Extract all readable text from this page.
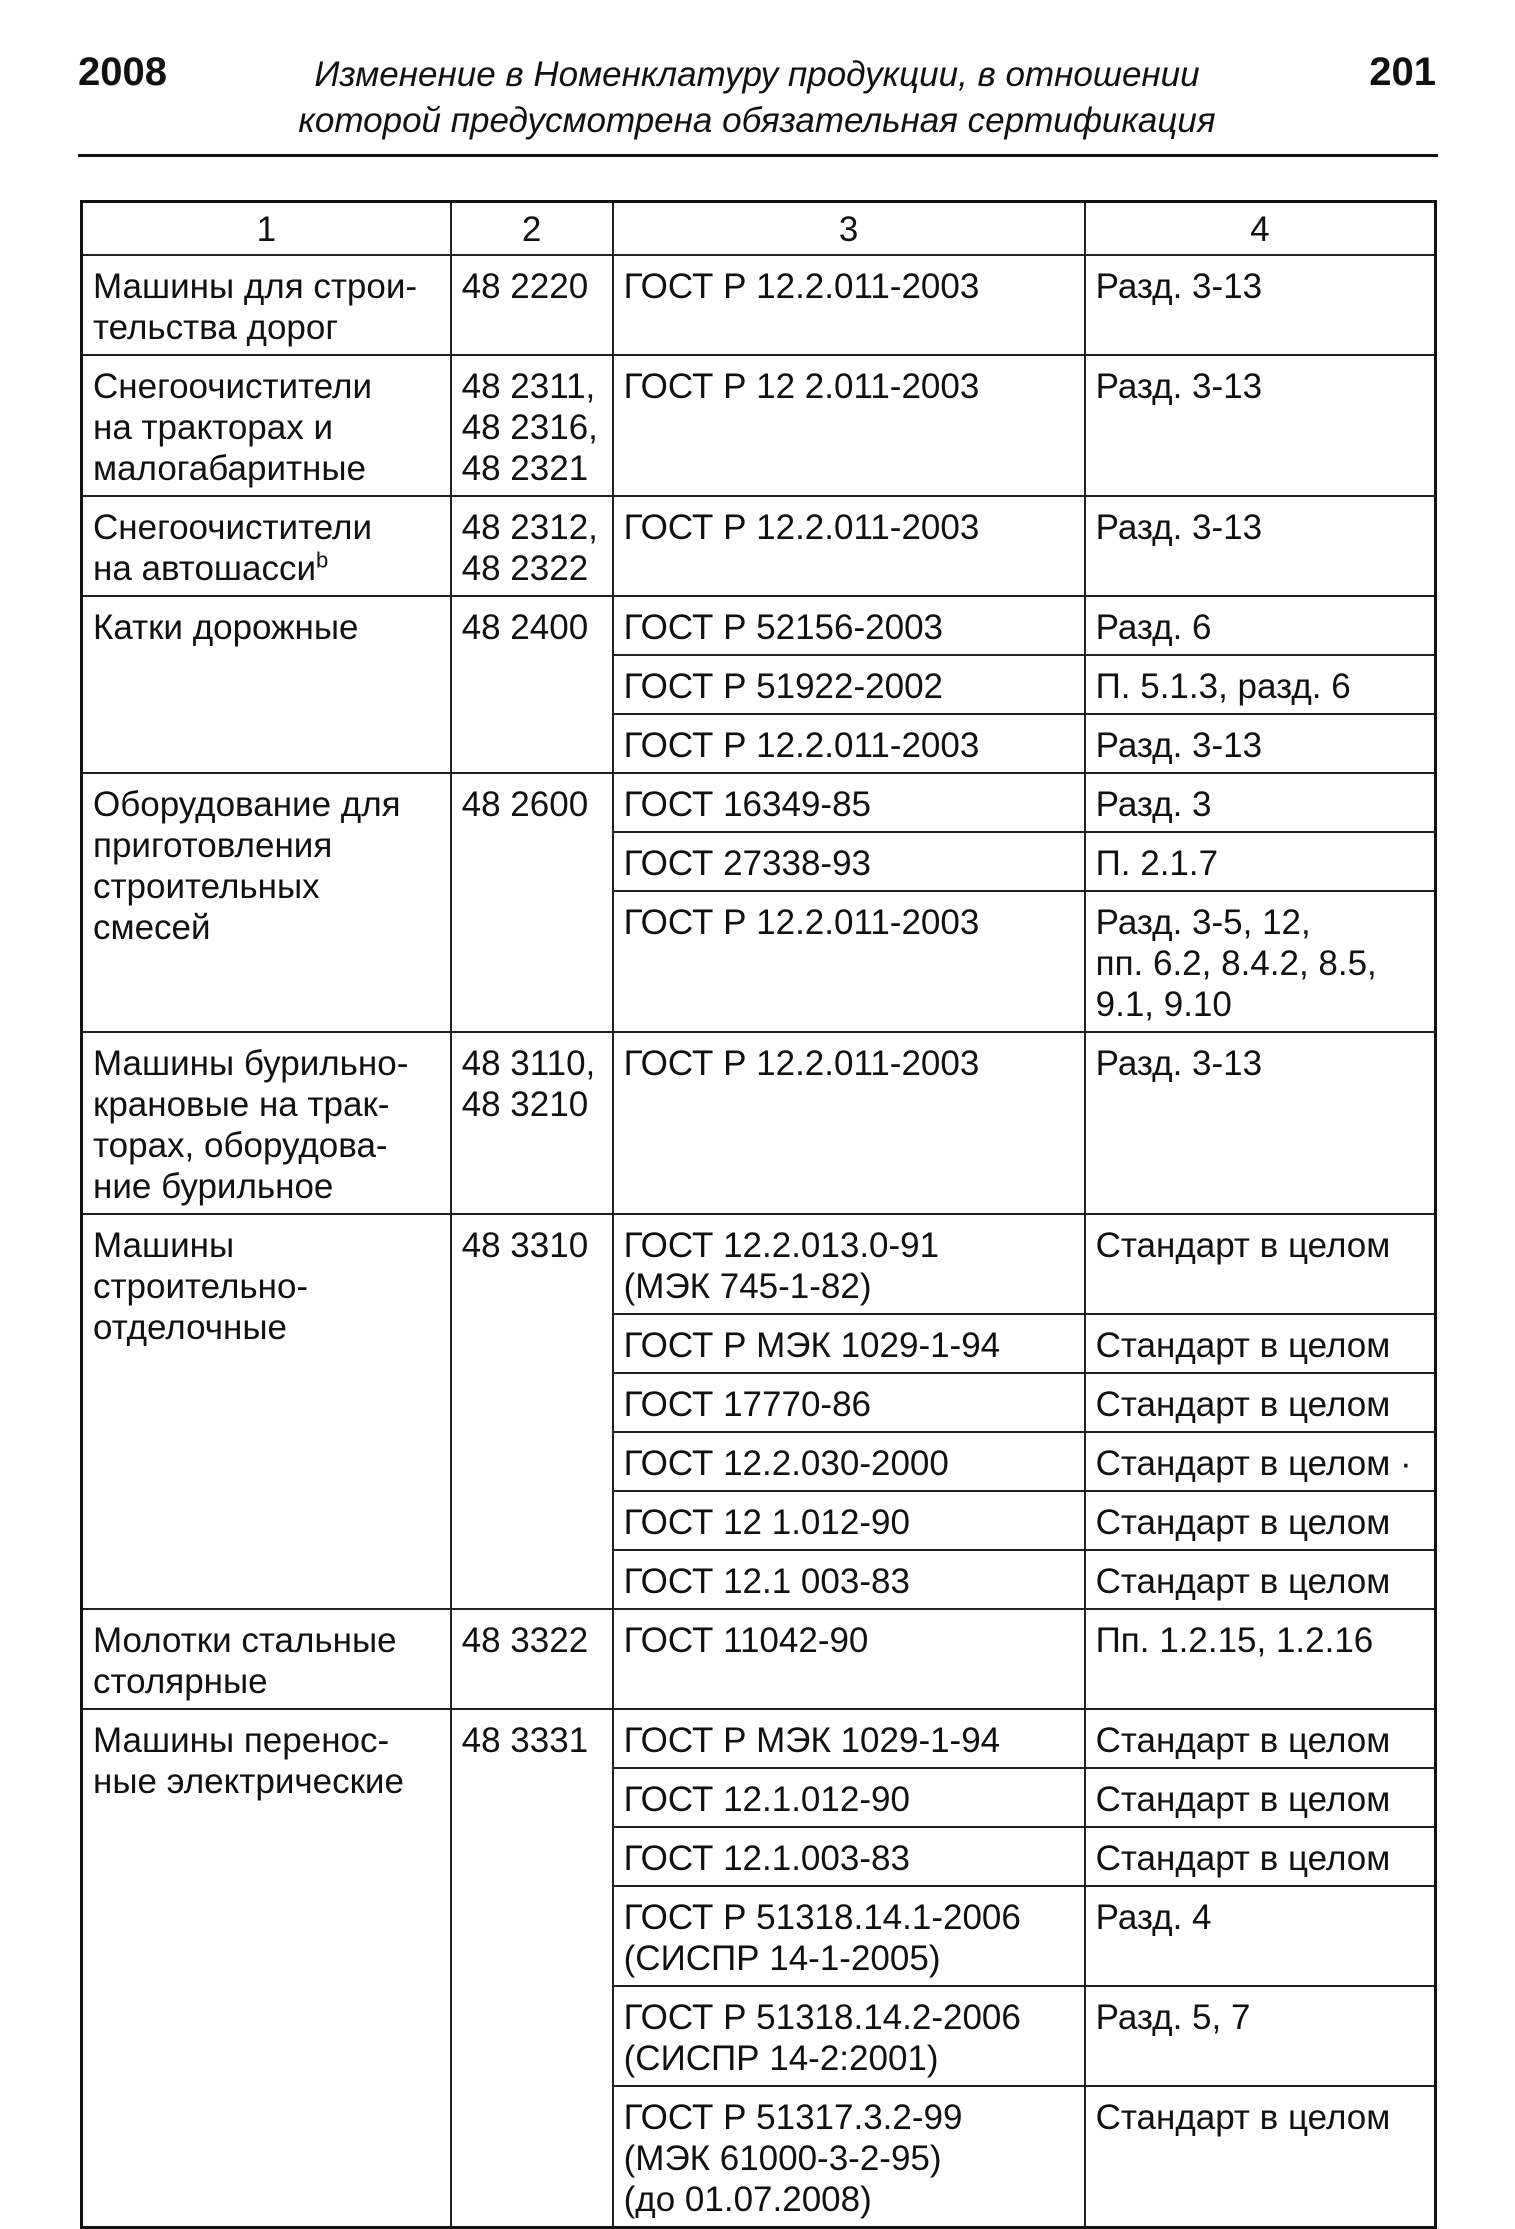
2008	Изменение в Номенклатуру продукции, в отношении
которой предусмотрена обязательная сертификация
201
1	2	3	4

Машины для строи-
тельства дорог	48 2220	ГОСТ Р 12.2.011-2003	Разд. 3-13

Снегоочистители
на тракторах и
малогабаритные	48 2311,
48 2316,
48 2321	ГОСТ Р 12 2.011-2003	Разд. 3-13

Снегоочистители
на автошасси$^b$	48 2312,
48 2322	ГОСТ Р 12.2.011-2003	Разд. 3-13

Катки дорожные	48 2400	ГОСТ Р 52156-2003	Разд. 6

		ГОСТ Р 51922-2002	П. 5.1.3, разд. 6

		ГОСТ Р 12.2.011-2003	Разд. 3-13

Оборудование для
приготовления
строительных
смесей	48 2600	ГОСТ 16349-85	Разд. 3

		ГОСТ 27338-93	П. 2.1.7

		ГОСТ Р 12.2.011-2003	Разд. 3-5, 12,
пп. 6.2, 8.4.2, 8.5,
9.1, 9.10

Машины бурильно-
крановые на трак-
торах, оборудова-
ние бурильное	48 3110,
48 3210	ГОСТ Р 12.2.011-2003	Разд. 3-13

Машины
строительно-
отделочные	48 3310	ГОСТ 12.2.013.0-91
(МЭК 745-1-82)	Стандарт в целом

		ГОСТ Р МЭК 1029-1-94	Стандарт в целом

		ГОСТ 17770-86	Стандарт в целом

		ГОСТ 12.2.030-2000	Стандарт в целом ·

		ГОСТ 12 1.012-90	Стандарт в целом

		ГОСТ 12.1 003-83	Стандарт в целом

Молотки стальные
столярные	48 3322	ГОСТ 11042-90	Пп. 1.2.15, 1.2.16

Машины перенос-
ные электрические	48 3331	ГОСТ Р МЭК 1029-1-94	Стандарт в целом

		ГОСТ 12.1.012-90	Стандарт в целом

		ГОСТ 12.1.003-83	Стандарт в целом

		ГОСТ Р 51318.14.1-2006
(СИСПР 14-1-2005)	Разд. 4

		ГОСТ Р 51318.14.2-2006
(СИСПР 14-2:2001)	Разд. 5, 7

		ГОСТ Р 51317.3.2-99
(МЭК 61000-3-2-95)
(до 01.07.2008)	Стандарт в целом
